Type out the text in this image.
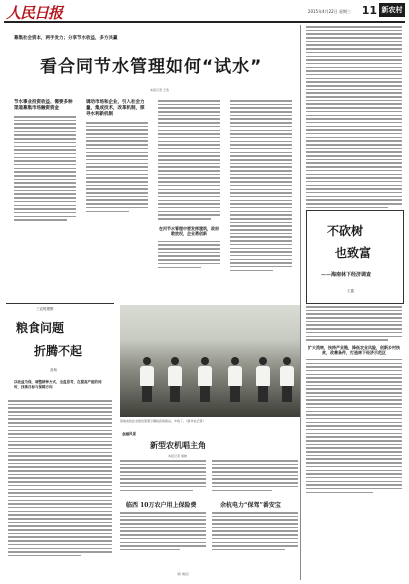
人民日报	2015年4月22日 星期三 11 新农村
募集社会资本，两手发力；分享节水收益，多方共赢
看合同节水管理如何“试水”
本报记者 王浩
节水事业投资收益、需要多种渠道募集市场融资资金
调动市场和企业，引入社会力量，集成技术，改革机制，探寻水利新机制
在河节水管理中要发挥建筑，政府敢放权，企业勇创新	不砍树
也致富
——海南林下经济调查
王鑫
扩大流转，扶持产业链，降低农业风险，创新乡村扶贫，改善条件，打造林下经济示范区
三农短观察
粮食问题
折腾不起
高杨
以收益为保，调整耕种方式，全盘思考，在提高产能的同时，找准目标与保障方向
某地农民在水稻田里展示刚收获的稻谷，丰收了。（新华社记者）
金融风景
新型农机唱主角
本报记者 胡晓
临西 10万农户用上保险费	余杭电力“保驾”番安宝
（新 佛宜）
